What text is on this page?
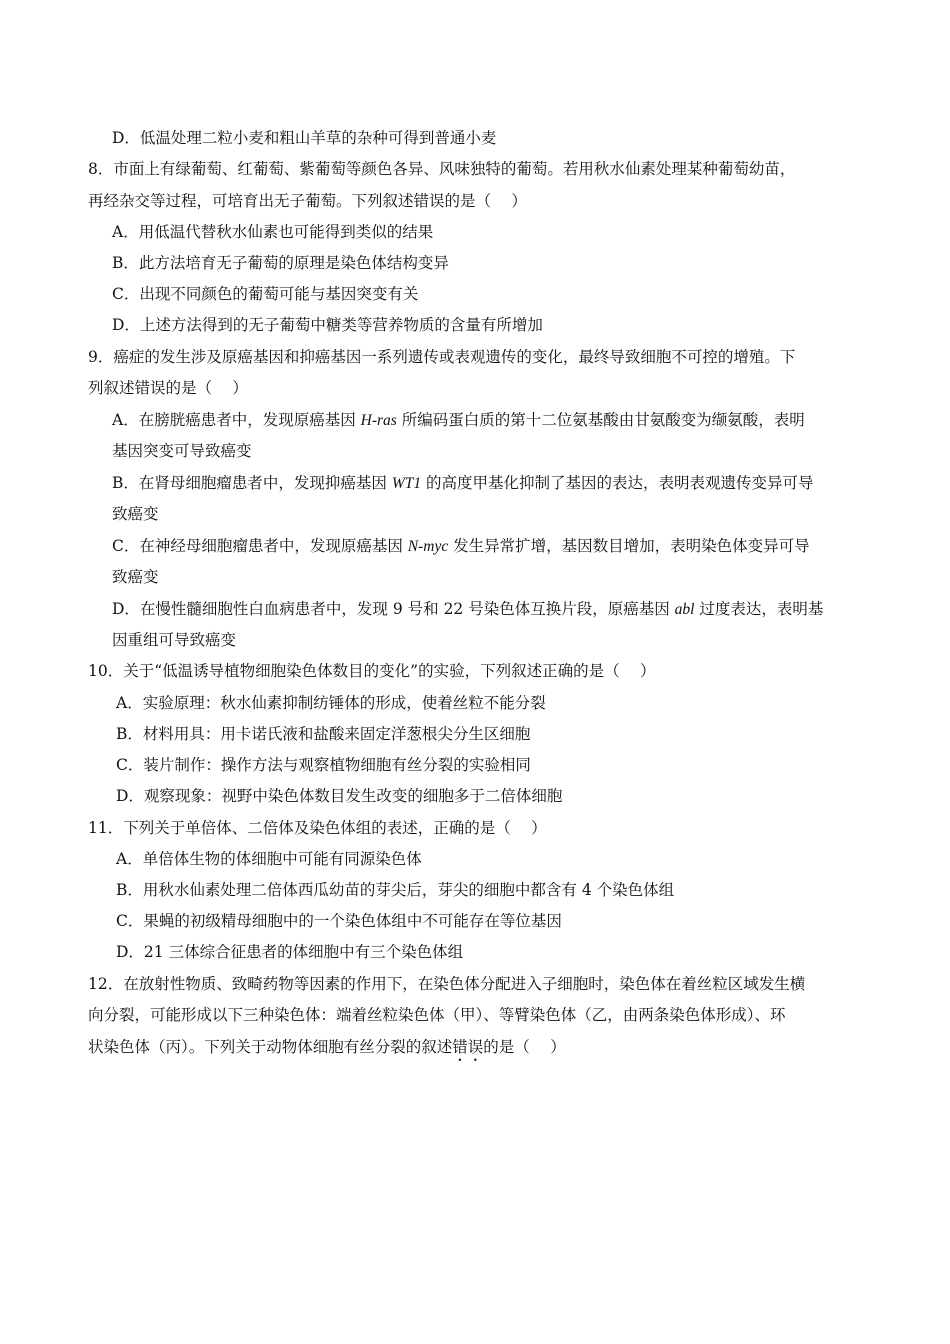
D．低温处理二粒小麦和粗山羊草的杂种可得到普通小麦
8．市面上有绿葡萄、红葡萄、紫葡萄等颜色各异、风味独特的葡萄。若用秋水仙素处理某种葡萄幼苗，
再经杂交等过程，可培育出无子葡萄。下列叙述错误的是（　 ）
A．用低温代替秋水仙素也可能得到类似的结果
B．此方法培育无子葡萄的原理是染色体结构变异
C．出现不同颜色的葡萄可能与基因突变有关
D．上述方法得到的无子葡萄中糖类等营养物质的含量有所增加
9．癌症的发生涉及原癌基因和抑癌基因一系列遗传或表观遗传的变化，最终导致细胞不可控的增殖。下
列叙述错误的是（　 ）
A．在膀胱癌患者中，发现原癌基因 H-ras 所编码蛋白质的第十二位氨基酸由甘氨酸变为缬氨酸，表明
基因突变可导致癌变
B．在肾母细胞瘤患者中，发现抑癌基因 WT1 的高度甲基化抑制了基因的表达，表明表观遗传变异可导
致癌变
C．在神经母细胞瘤患者中，发现原癌基因 N-myc 发生异常扩增，基因数目增加，表明染色体变异可导
致癌变
D．在慢性髓细胞性白血病患者中，发现 9 号和 22 号染色体互换片段，原癌基因 abl 过度表达，表明基
因重组可导致癌变
10．关于“低温诱导植物细胞染色体数目的变化”的实验，下列叙述正确的是（　 ）
A．实验原理：秋水仙素抑制纺锤体的形成，使着丝粒不能分裂
B．材料用具：用卡诺氏液和盐酸来固定洋葱根尖分生区细胞
C．装片制作：操作方法与观察植物细胞有丝分裂的实验相同
D．观察现象：视野中染色体数目发生改变的细胞多于二倍体细胞
11．下列关于单倍体、二倍体及染色体组的表述，正确的是（　 ）
A．单倍体生物的体细胞中可能有同源染色体
B．用秋水仙素处理二倍体西瓜幼苗的芽尖后，芽尖的细胞中都含有 4 个染色体组
C．果蝇的初级精母细胞中的一个染色体组中不可能存在等位基因
D．21 三体综合征患者的体细胞中有三个染色体组
12．在放射性物质、致畸药物等因素的作用下，在染色体分配进入子细胞时，染色体在着丝粒区域发生横
向分裂，可能形成以下三种染色体：端着丝粒染色体（甲）、等臂染色体（乙，由两条染色体形成）、环
状染色体（丙）。下列关于动物体细胞有丝分裂的叙述错误的是（　 ）
